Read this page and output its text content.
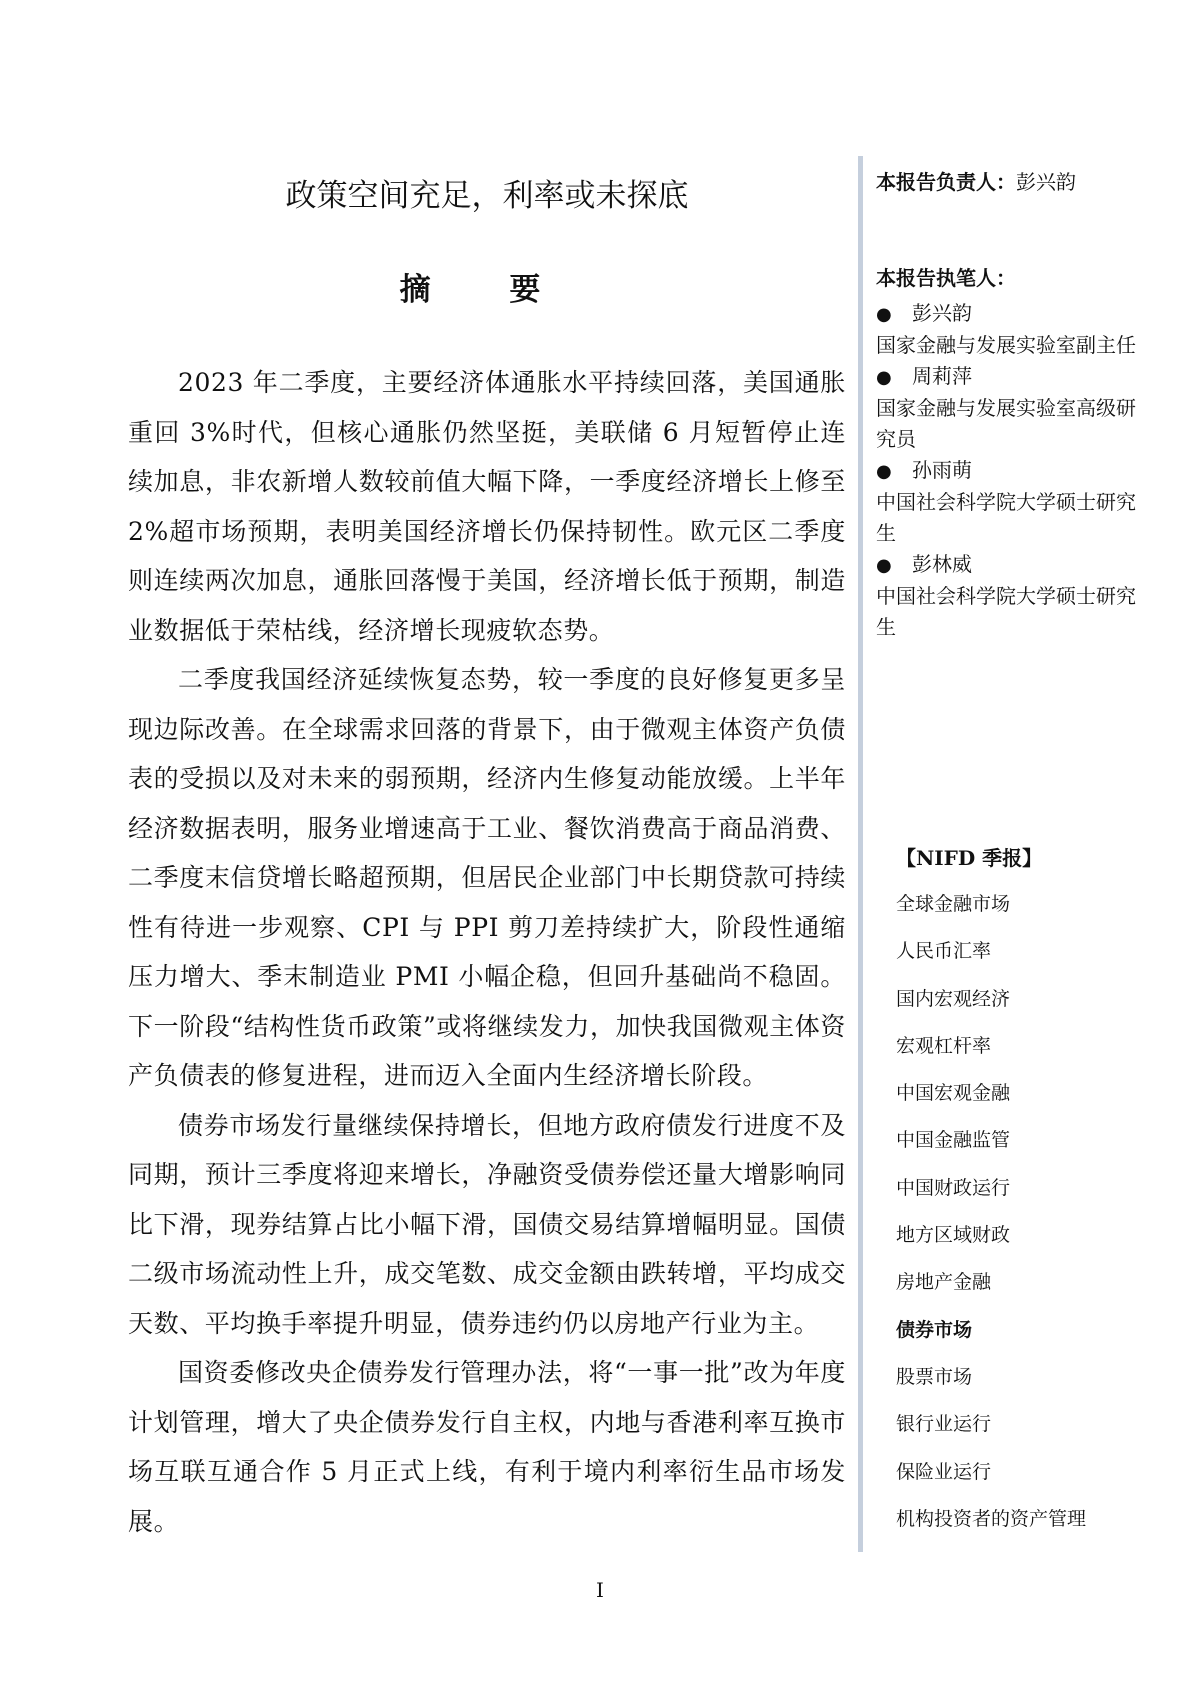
政策空间充足，利率或未探底
摘 要

2023 年二季度，主要经济体通胀水平持续回落，美国通胀重回 3%时代，但核心通胀仍然坚挺，美联储 6 月短暂停止连续加息，非农新增人数较前值大幅下降，一季度经济增长上修至 2%超市场预期，表明美国经济增长仍保持韧性。欧元区二季度则连续两次加息，通胀回落慢于美国，经济增长低于预期，制造业数据低于荣枯线，经济增长现疲软态势。

二季度我国经济延续恢复态势，较一季度的良好修复更多呈现边际改善。在全球需求回落的背景下，由于微观主体资产负债表的受损以及对未来的弱预期，经济内生修复动能放缓。上半年经济数据表明，服务业增速高于工业、餐饮消费高于商品消费、二季度末信贷增长略超预期，但居民企业部门中长期贷款可持续性有待进一步观察、CPI 与 PPI 剪刀差持续扩大，阶段性通缩压力增大、季末制造业 PMI 小幅企稳，但回升基础尚不稳固。下一阶段“结构性货币政策”或将继续发力，加快我国微观主体资产负债表的修复进程，进而迈入全面内生经济增长阶段。

债券市场发行量继续保持增长，但地方政府债发行进度不及同期，预计三季度将迎来增长，净融资受债券偿还量大增影响同比下滑，现券结算占比小幅下滑，国债交易结算增幅明显。国债二级市场流动性上升，成交笔数、成交金额由跌转增，平均成交天数、平均换手率提升明显，债券违约仍以房地产行业为主。

国资委修改央企债券发行管理办法，将“一事一批”改为年度计划管理，增大了央企债券发行自主权，内地与香港利率互换市场互联互通合作 5 月正式上线，有利于境内利率衍生品市场发展。

本报告负责人：彭兴韵
本报告执笔人：
● 彭兴韵
国家金融与发展实验室副主任
● 周莉萍
国家金融与发展实验室高级研究员
● 孙雨萌
中国社会科学院大学硕士研究生
● 彭林威
中国社会科学院大学硕士研究生
【NIFD 季报】
全球金融市场
人民币汇率
国内宏观经济
宏观杠杆率
中国宏观金融
中国金融监管
中国财政运行
地方区域财政
房地产金融
债券市场
股票市场
银行业运行
保险业运行
机构投资者的资产管理
I
